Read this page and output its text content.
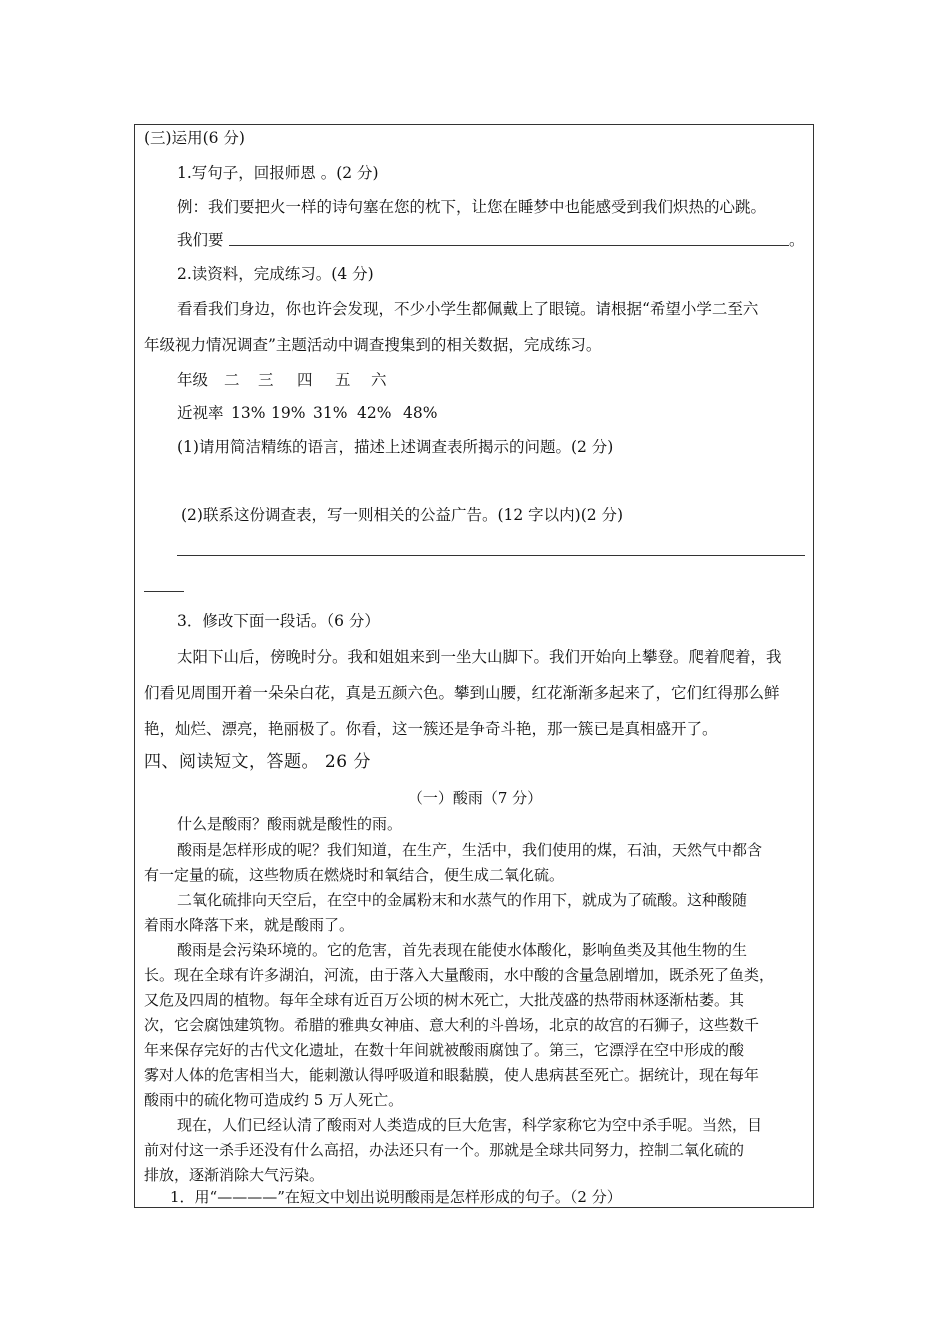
(三)运用(6 分)
1.写句子，回报师恩 。(2 分)
例：我们要把火一样的诗句塞在您的枕下，让您在睡梦中也能感受到我们炽热的心跳。
我们要	。
2.读资料，完成练习。(4 分)
看看我们身边，你也许会发现，不少小学生都佩戴上了眼镜。请根据“希望小学二至六
年级视力情况调查”主题活动中调查搜集到的相关数据，完成练习。
年级 二 三 四 五 六
近视率 13% 19% 31% 42% 48%
(1)请用简洁精练的语言，描述上述调查表所揭示的问题。(2 分)
(2)联系这份调查表，写一则相关的公益广告。(12 字以内)(2 分)
3．修改下面一段话。（6 分）
太阳下山后，傍晚时分。我和姐姐来到一坐大山脚下。我们开始向上攀登。爬着爬着，我
们看见周围开着一朵朵白花，真是五颜六色。攀到山腰，红花渐渐多起来了，它们红得那么鲜
艳，灿烂、漂亮，艳丽极了。你看，这一簇还是争奇斗艳，那一簇已是真相盛开了。
四、阅读短文，答题。 26 分
（一）酸雨（7 分）
什么是酸雨？酸雨就是酸性的雨。
酸雨是怎样形成的呢？我们知道，在生产，生活中，我们使用的煤，石油，天然气中都含
有一定量的硫，这些物质在燃烧时和氧结合，便生成二氧化硫。
二氧化硫排向天空后，在空中的金属粉末和水蒸气的作用下，就成为了硫酸。这种酸随
着雨水降落下来，就是酸雨了。
酸雨是会污染环境的。它的危害，首先表现在能使水体酸化，影响鱼类及其他生物的生
长。现在全球有许多湖泊，河流，由于落入大量酸雨，水中酸的含量急剧增加，既杀死了鱼类，
又危及四周的植物。每年全球有近百万公顷的树木死亡，大批茂盛的热带雨林逐渐枯萎。其
次，它会腐蚀建筑物。希腊的雅典女神庙、意大利的斗兽场，北京的故宫的石狮子，这些数千
年来保存完好的古代文化遗址，在数十年间就被酸雨腐蚀了。第三，它漂浮在空中形成的酸
雾对人体的危害相当大，能刺激认得呼吸道和眼黏膜，使人患病甚至死亡。据统计，现在每年
酸雨中的硫化物可造成约 5 万人死亡。
现在，人们已经认清了酸雨对人类造成的巨大危害，科学家称它为空中杀手呢。当然，目
前对付这一杀手还没有什么高招，办法还只有一个。那就是全球共同努力，控制二氧化硫的
排放，逐渐消除大气污染。
1．用“————”在短文中划出说明酸雨是怎样形成的句子。（2 分）
